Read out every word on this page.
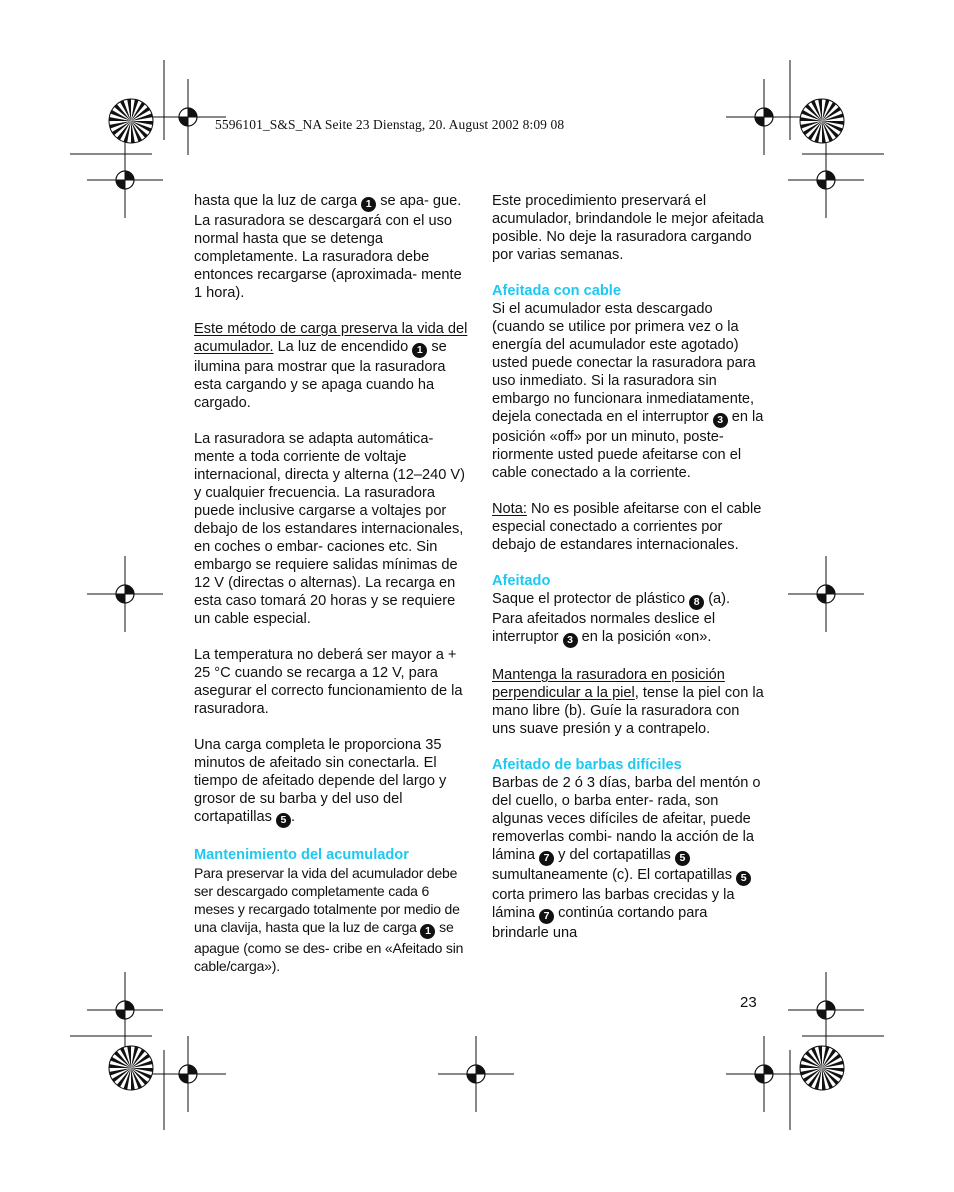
5596101_S&S_NA Seite 23 Dienstag, 20. August 2002 8:09 08

hasta que la luz de carga 1 se apa- gue. La rasuradora se descargará con el uso normal hasta que se detenga completamente. La rasuradora debe entonces recargarse (aproximada- mente 1 hora).

Este método de carga preserva la vida del acumulador. La luz de encendido 1 se ilumina para mostrar que la rasuradora esta cargando y se apaga cuando ha cargado.

La rasuradora se adapta automática- mente a toda corriente de voltaje internacional, directa y alterna (12–240 V) y cualquier frecuencia. La rasuradora puede inclusive cargarse a voltajes por debajo de los estandares internacionales, en coches o embar- caciones etc. Sin embargo se requiere salidas mínimas de 12 V (directas o alternas). La recarga en esta caso tomará 20 horas y se requiere un cable especial.

La temperatura no deberá ser mayor a + 25 °C cuando se recarga a 12 V, para asegurar el correcto funcionamiento de la rasuradora.

Una carga completa le proporciona 35 minutos de afeitado sin conectarla. El tiempo de afeitado depende del largo y grosor de su barba y del uso del cortapatillas 5 .

Mantenimiento del acumulador

Para preservar la vida del acumulador debe ser descargado completamente cada 6 meses y recargado totalmente por medio de una clavija, hasta que la luz de carga 1 se apague (como se des- cribe en «Afeitado sin cable/carga»).

Este procedimiento preservará el acumulador, brindandole le mejor afeitada posible. No deje la rasuradora cargando por varias semanas.

Afeitada con cable

Si el acumulador esta descargado (cuando se utilice por primera vez o la energía del acumulador este agotado) usted puede conectar la rasuradora para uso inmediato. Si la rasuradora sin embargo no funcionara inmediatamente, dejela conectada en el interruptor 3 en la posición «off» por un minuto, poste- riormente usted puede afeitarse con el cable conectado a la corriente.

Nota: No es posible afeitarse con el cable especial conectado a corrientes por debajo de estandares internacionales.

Afeitado

Saque el protector de plástico 8 (a). Para afeitados normales deslice el interruptor 3 en la posición «on».

Mantenga la rasuradora en posición perpendicular a la piel, tense la piel con la mano libre (b). Guíe la rasuradora con uns suave presión y a contrapelo.

Afeitado de barbas difíciles

Barbas de 2 ó 3 días, barba del mentón o del cuello, o barba enter- rada, son algunas veces difíciles de afeitar, puede removerlas combi- nando la acción de la lámina 7 y del cortapatillas 5 sumultaneamente (c). El cortapatillas 5 corta primero las barbas crecidas y la lámina 7 continúa cortando para brindarle una

23
